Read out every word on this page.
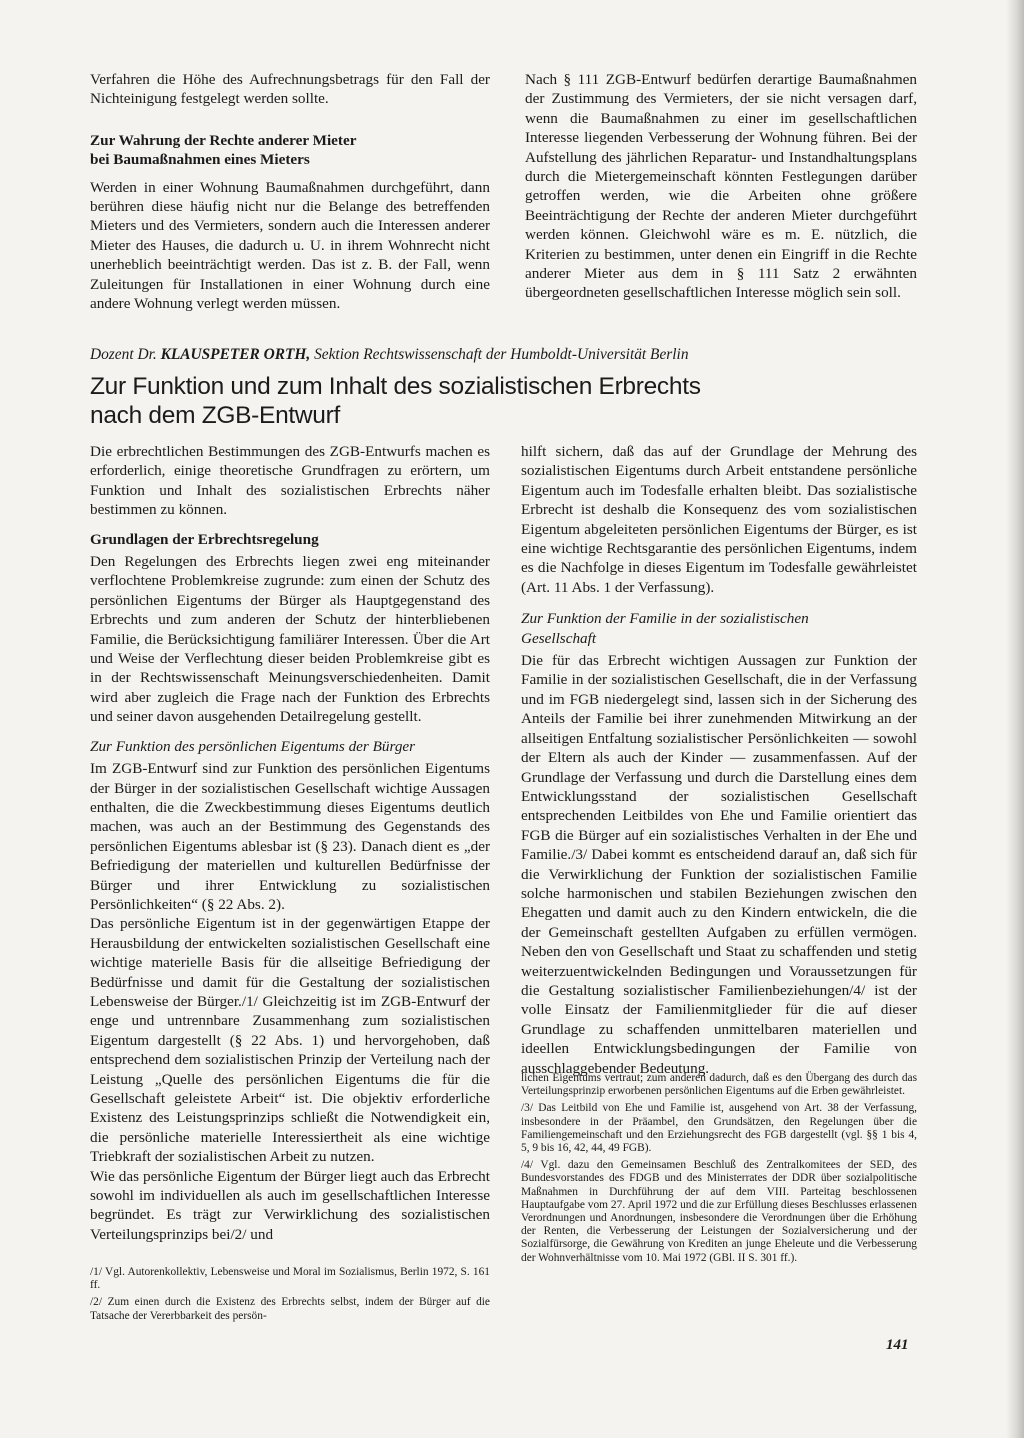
Verfahren die Höhe des Aufrechnungsbetrags für den Fall der Nichteinigung festgelegt werden sollte.

Zur Wahrung der Rechte anderer Mieter
bei Baumaßnahmen eines Mieters

Werden in einer Wohnung Baumaßnahmen durchgeführt, dann berühren diese häufig nicht nur die Belange des betreffenden Mieters und des Vermieters, sondern auch die Interessen anderer Mieter des Hauses, die dadurch u. U. in ihrem Wohnrecht nicht unerheblich beeinträchtigt werden. Das ist z. B. der Fall, wenn Zuleitungen für Installationen in einer Wohnung durch eine andere Wohnung verlegt werden müssen.

Nach § 111 ZGB-Entwurf bedürfen derartige Baumaßnahmen der Zustimmung des Vermieters, der sie nicht versagen darf, wenn die Baumaßnahmen zu einer im gesellschaftlichen Interesse liegenden Verbesserung der Wohnung führen. Bei der Aufstellung des jährlichen Reparatur- und Instandhaltungsplans durch die Mietergemeinschaft könnten Festlegungen darüber getroffen werden, wie die Arbeiten ohne größere Beeinträchtigung der Rechte der anderen Mieter durchgeführt werden können. Gleichwohl wäre es m. E. nützlich, die Kriterien zu bestimmen, unter denen ein Eingriff in die Rechte anderer Mieter aus dem in § 111 Satz 2 erwähnten übergeordneten gesellschaftlichen Interesse möglich sein soll.

Dozent Dr. KLAUSPETER ORTH, Sektion Rechtswissenschaft der Humboldt-Universität Berlin
Zur Funktion und zum Inhalt des sozialistischen Erbrechts
nach dem ZGB-Entwurf

Die erbrechtlichen Bestimmungen des ZGB-Entwurfs machen es erforderlich, einige theoretische Grundfragen zu erörtern, um Funktion und Inhalt des sozialistischen Erbrechts näher bestimmen zu können.

Grundlagen der Erbrechtsregelung

Den Regelungen des Erbrechts liegen zwei eng miteinander verflochtene Problemkreise zugrunde: zum einen der Schutz des persönlichen Eigentums der Bürger als Hauptgegenstand des Erbrechts und zum anderen der Schutz der hinterbliebenen Familie, die Berücksichtigung familiärer Interessen. Über die Art und Weise der Verflechtung dieser beiden Problemkreise gibt es in der Rechtswissenschaft Meinungsverschiedenheiten. Damit wird aber zugleich die Frage nach der Funktion des Erbrechts und seiner davon ausgehenden Detailregelung gestellt.

Zur Funktion des persönlichen Eigentums der Bürger

Im ZGB-Entwurf sind zur Funktion des persönlichen Eigentums der Bürger in der sozialistischen Gesellschaft wichtige Aussagen enthalten, die die Zweckbestimmung dieses Eigentums deutlich machen, was auch an der Bestimmung des Gegenstands des persönlichen Eigentums ablesbar ist (§ 23). Danach dient es „der Befriedigung der materiellen und kulturellen Bedürfnisse der Bürger und ihrer Entwicklung zu sozialistischen Persönlichkeiten“ (§ 22 Abs. 2).

Das persönliche Eigentum ist in der gegenwärtigen Etappe der Herausbildung der entwickelten sozialistischen Gesellschaft eine wichtige materielle Basis für die allseitige Befriedigung der Bedürfnisse und damit für die Gestaltung der sozialistischen Lebensweise der Bürger./1/ Gleichzeitig ist im ZGB-Entwurf der enge und untrennbare Zusammenhang zum sozialistischen Eigentum dargestellt (§ 22 Abs. 1) und hervorgehoben, daß entsprechend dem sozialistischen Prinzip der Verteilung nach der Leistung „Quelle des persönlichen Eigentums die für die Gesellschaft geleistete Arbeit“ ist. Die objektiv erforderliche Existenz des Leistungsprinzips schließt die Notwendigkeit ein, die persönliche materielle Interessiertheit als eine wichtige Triebkraft der sozialistischen Arbeit zu nutzen.

Wie das persönliche Eigentum der Bürger liegt auch das Erbrecht sowohl im individuellen als auch im gesellschaftlichen Interesse begründet. Es trägt zur Verwirklichung des sozialistischen Verteilungsprinzips bei/2/ und

/1/ Vgl. Autorenkollektiv, Lebensweise und Moral im Sozialismus, Berlin 1972, S. 161 ff.

/2/ Zum einen durch die Existenz des Erbrechts selbst, indem der Bürger auf die Tatsache der Vererbbarkeit des persön-

hilft sichern, daß das auf der Grundlage der Mehrung des sozialistischen Eigentums durch Arbeit entstandene persönliche Eigentum auch im Todesfalle erhalten bleibt. Das sozialistische Erbrecht ist deshalb die Konsequenz des vom sozialistischen Eigentum abgeleiteten persönlichen Eigentums der Bürger, es ist eine wichtige Rechtsgarantie des persönlichen Eigentums, indem es die Nachfolge in dieses Eigentum im Todesfalle gewährleistet (Art. 11 Abs. 1 der Verfassung).

Zur Funktion der Familie in der sozialistischen
Gesellschaft

Die für das Erbrecht wichtigen Aussagen zur Funktion der Familie in der sozialistischen Gesellschaft, die in der Verfassung und im FGB niedergelegt sind, lassen sich in der Sicherung des Anteils der Familie bei ihrer zunehmenden Mitwirkung an der allseitigen Entfaltung sozialistischer Persönlichkeiten — sowohl der Eltern als auch der Kinder — zusammenfassen. Auf der Grundlage der Verfassung und durch die Darstellung eines dem Entwicklungsstand der sozialistischen Gesellschaft entsprechenden Leitbildes von Ehe und Familie orientiert das FGB die Bürger auf ein sozialistisches Verhalten in der Ehe und Familie./3/ Dabei kommt es entscheidend darauf an, daß sich für die Verwirklichung der Funktion der sozialistischen Familie solche harmonischen und stabilen Beziehungen zwischen den Ehegatten und damit auch zu den Kindern entwickeln, die die der Gemeinschaft gestellten Aufgaben zu erfüllen vermögen. Neben den von Gesellschaft und Staat zu schaffenden und stetig weiterzuentwickelnden Bedingungen und Voraussetzungen für die Gestaltung sozialistischer Familienbeziehungen/4/ ist der volle Einsatz der Familienmitglieder für die auf dieser Grundlage zu schaffenden unmittelbaren materiellen und ideellen Entwicklungsbedingungen der Familie von ausschlaggebender Bedeutung.

lichen Eigentums vertraut; zum anderen dadurch, daß es den Übergang des durch das Verteilungsprinzip erworbenen persönlichen Eigentums auf die Erben gewährleistet.

/3/ Das Leitbild von Ehe und Familie ist, ausgehend von Art. 38 der Verfassung, insbesondere in der Präambel, den Grundsätzen, den Regelungen über die Familiengemeinschaft und den Erziehungsrecht des FGB dargestellt (vgl. §§ 1 bis 4, 5, 9 bis 16, 42, 44, 49 FGB).

/4/ Vgl. dazu den Gemeinsamen Beschluß des Zentralkomitees der SED, des Bundesvorstandes des FDGB und des Ministerrates der DDR über sozialpolitische Maßnahmen in Durchführung der auf dem VIII. Parteitag beschlossenen Hauptaufgabe vom 27. April 1972 und die zur Erfüllung dieses Beschlusses erlassenen Verordnungen und Anordnungen, insbesondere die Verordnungen über die Erhöhung der Renten, die Verbesserung der Leistungen der Sozialversicherung und der Sozialfürsorge, die Gewährung von Krediten an junge Eheleute und die Verbesserung der Wohnverhältnisse vom 10. Mai 1972 (GBl. II S. 301 ff.).

141
